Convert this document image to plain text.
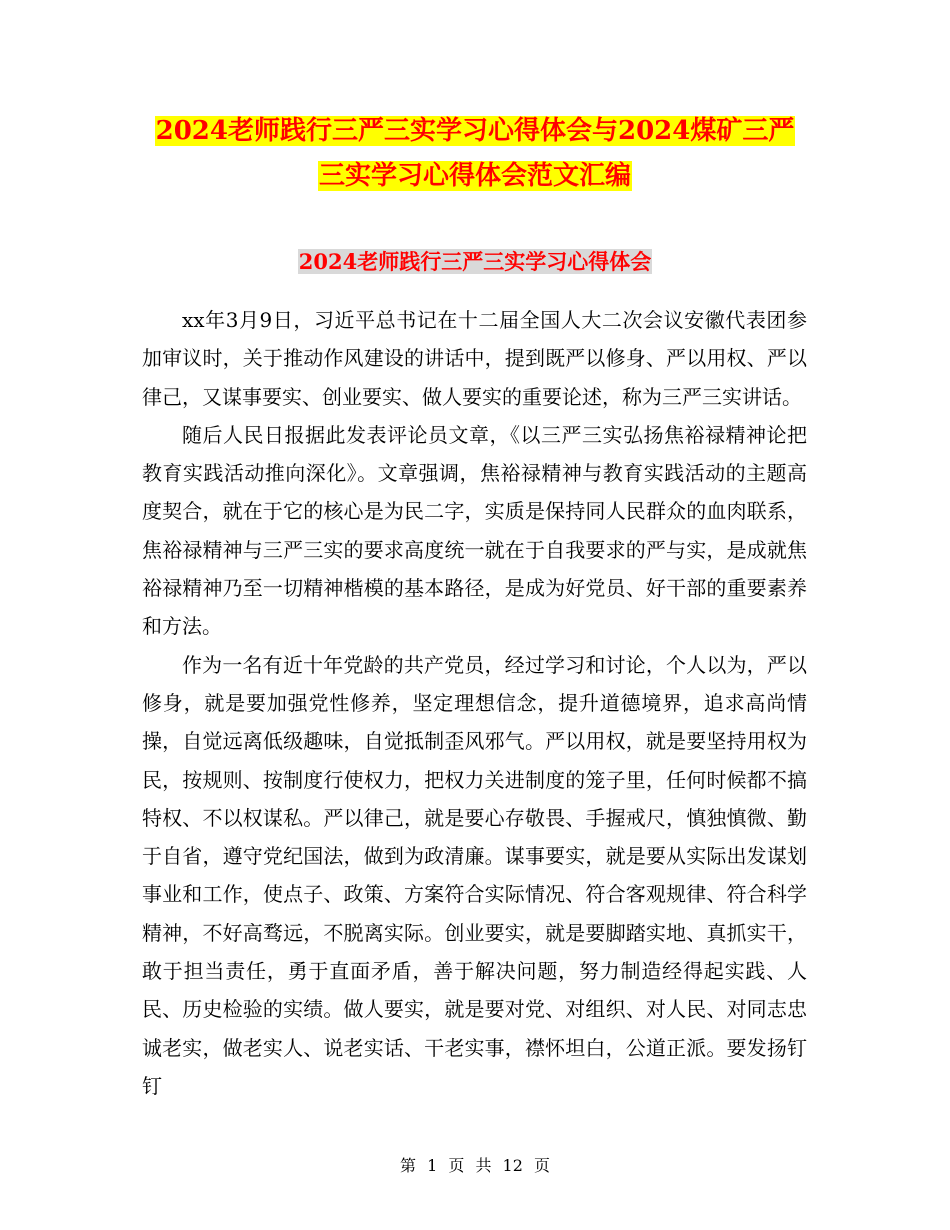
2024老师践行三严三实学习心得体会与2024煤矿三严
三实学习心得体会范文汇编
2024老师践行三严三实学习心得体会

xx年3月9日，习近平总书记在十二届全国人大二次会议安徽代表团参加审议时，关于推动作风建设的讲话中，提到既严以修身、严以用权、严以律己，又谋事要实、创业要实、做人要实的重要论述，称为三严三实讲话。

随后人民日报据此发表评论员文章，《以三严三实弘扬焦裕禄精神论把教育实践活动推向深化》。文章强调，焦裕禄精神与教育实践活动的主题高度契合，就在于它的核心是为民二字，实质是保持同人民群众的血肉联系，焦裕禄精神与三严三实的要求高度统一就在于自我要求的严与实，是成就焦裕禄精神乃至一切精神楷模的基本路径，是成为好党员、好干部的重要素养和方法。

作为一名有近十年党龄的共产党员，经过学习和讨论，个人以为，严以修身，就是要加强党性修养，坚定理想信念，提升道德境界，追求高尚情操，自觉远离低级趣味，自觉抵制歪风邪气。严以用权，就是要坚持用权为民，按规则、按制度行使权力，把权力关进制度的笼子里，任何时候都不搞特权、不以权谋私。严以律己，就是要心存敬畏、手握戒尺，慎独慎微、勤于自省，遵守党纪国法，做到为政清廉。谋事要实，就是要从实际出发谋划事业和工作，使点子、政策、方案符合实际情况、符合客观规律、符合科学精神，不好高骛远，不脱离实际。创业要实，就是要脚踏实地、真抓实干，敢于担当责任，勇于直面矛盾，善于解决问题，努力制造经得起实践、人民、历史检验的实绩。做人要实，就是要对党、对组织、对人民、对同志忠诚老实，做老实人、说老实话、干老实事，襟怀坦白，公道正派。要发扬钉钉

第 1 页 共 12 页
